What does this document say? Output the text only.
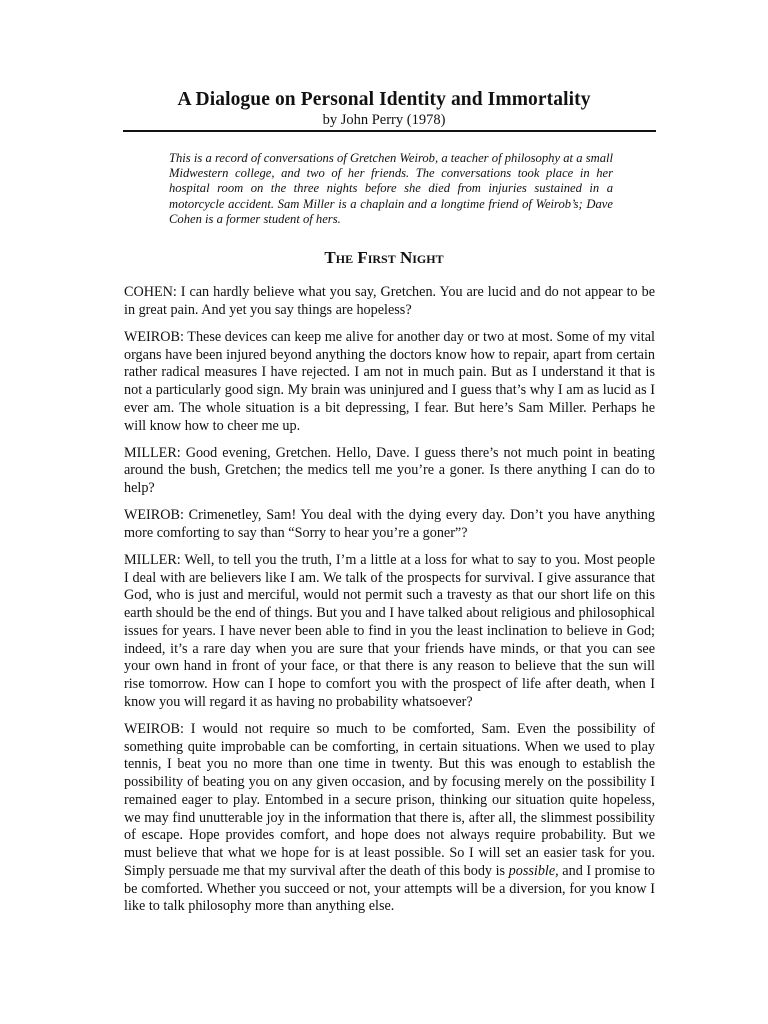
A Dialogue on Personal Identity and Immortality
by John Perry (1978)
This is a record of conversations of Gretchen Weirob, a teacher of philosophy at a small Midwestern college, and two of her friends. The conversations took place in her hospital room on the three nights before she died from injuries sustained in a motorcycle accident. Sam Miller is a chaplain and a longtime friend of Weirob’s; Dave Cohen is a former student of hers.
The First Night

COHEN: I can hardly believe what you say, Gretchen. You are lucid and do not appear to be in great pain. And yet you say things are hopeless?

WEIROB: These devices can keep me alive for another day or two at most. Some of my vital organs have been injured beyond anything the doctors know how to repair, apart from certain rather radical measures I have rejected. I am not in much pain. But as I understand it that is not a particularly good sign. My brain was uninjured and I guess that’s why I am as lucid as I ever am. The whole situation is a bit depressing, I fear. But here’s Sam Miller. Perhaps he will know how to cheer me up.

MILLER: Good evening, Gretchen. Hello, Dave. I guess there’s not much point in beating around the bush, Gretchen; the medics tell me you’re a goner. Is there anything I can do to help?

WEIROB: Crimenetley, Sam! You deal with the dying every day. Don’t you have anything more comforting to say than “Sorry to hear you’re a goner”?

MILLER: Well, to tell you the truth, I’m a little at a loss for what to say to you. Most people I deal with are believers like I am. We talk of the prospects for survival. I give assurance that God, who is just and merciful, would not permit such a travesty as that our short life on this earth should be the end of things. But you and I have talked about religious and philosophical issues for years. I have never been able to find in you the least inclination to believe in God; indeed, it’s a rare day when you are sure that your friends have minds, or that you can see your own hand in front of your face, or that there is any reason to believe that the sun will rise tomorrow. How can I hope to comfort you with the prospect of life after death, when I know you will regard it as having no probability whatsoever?

WEIROB: I would not require so much to be comforted, Sam. Even the possibility of something quite improbable can be comforting, in certain situations. When we used to play tennis, I beat you no more than one time in twenty. But this was enough to establish the possibility of beating you on any given occasion, and by focusing merely on the possibility I remained eager to play. Entombed in a secure prison, thinking our situation quite hopeless, we may find unutterable joy in the information that there is, after all, the slimmest possibility of escape. Hope provides comfort, and hope does not always require probability. But we must believe that what we hope for is at least possible. So I will set an easier task for you. Simply persuade me that my survival after the death of this body is possible, and I promise to be comforted. Whether you succeed or not, your attempts will be a diversion, for you know I like to talk philosophy more than anything else.
